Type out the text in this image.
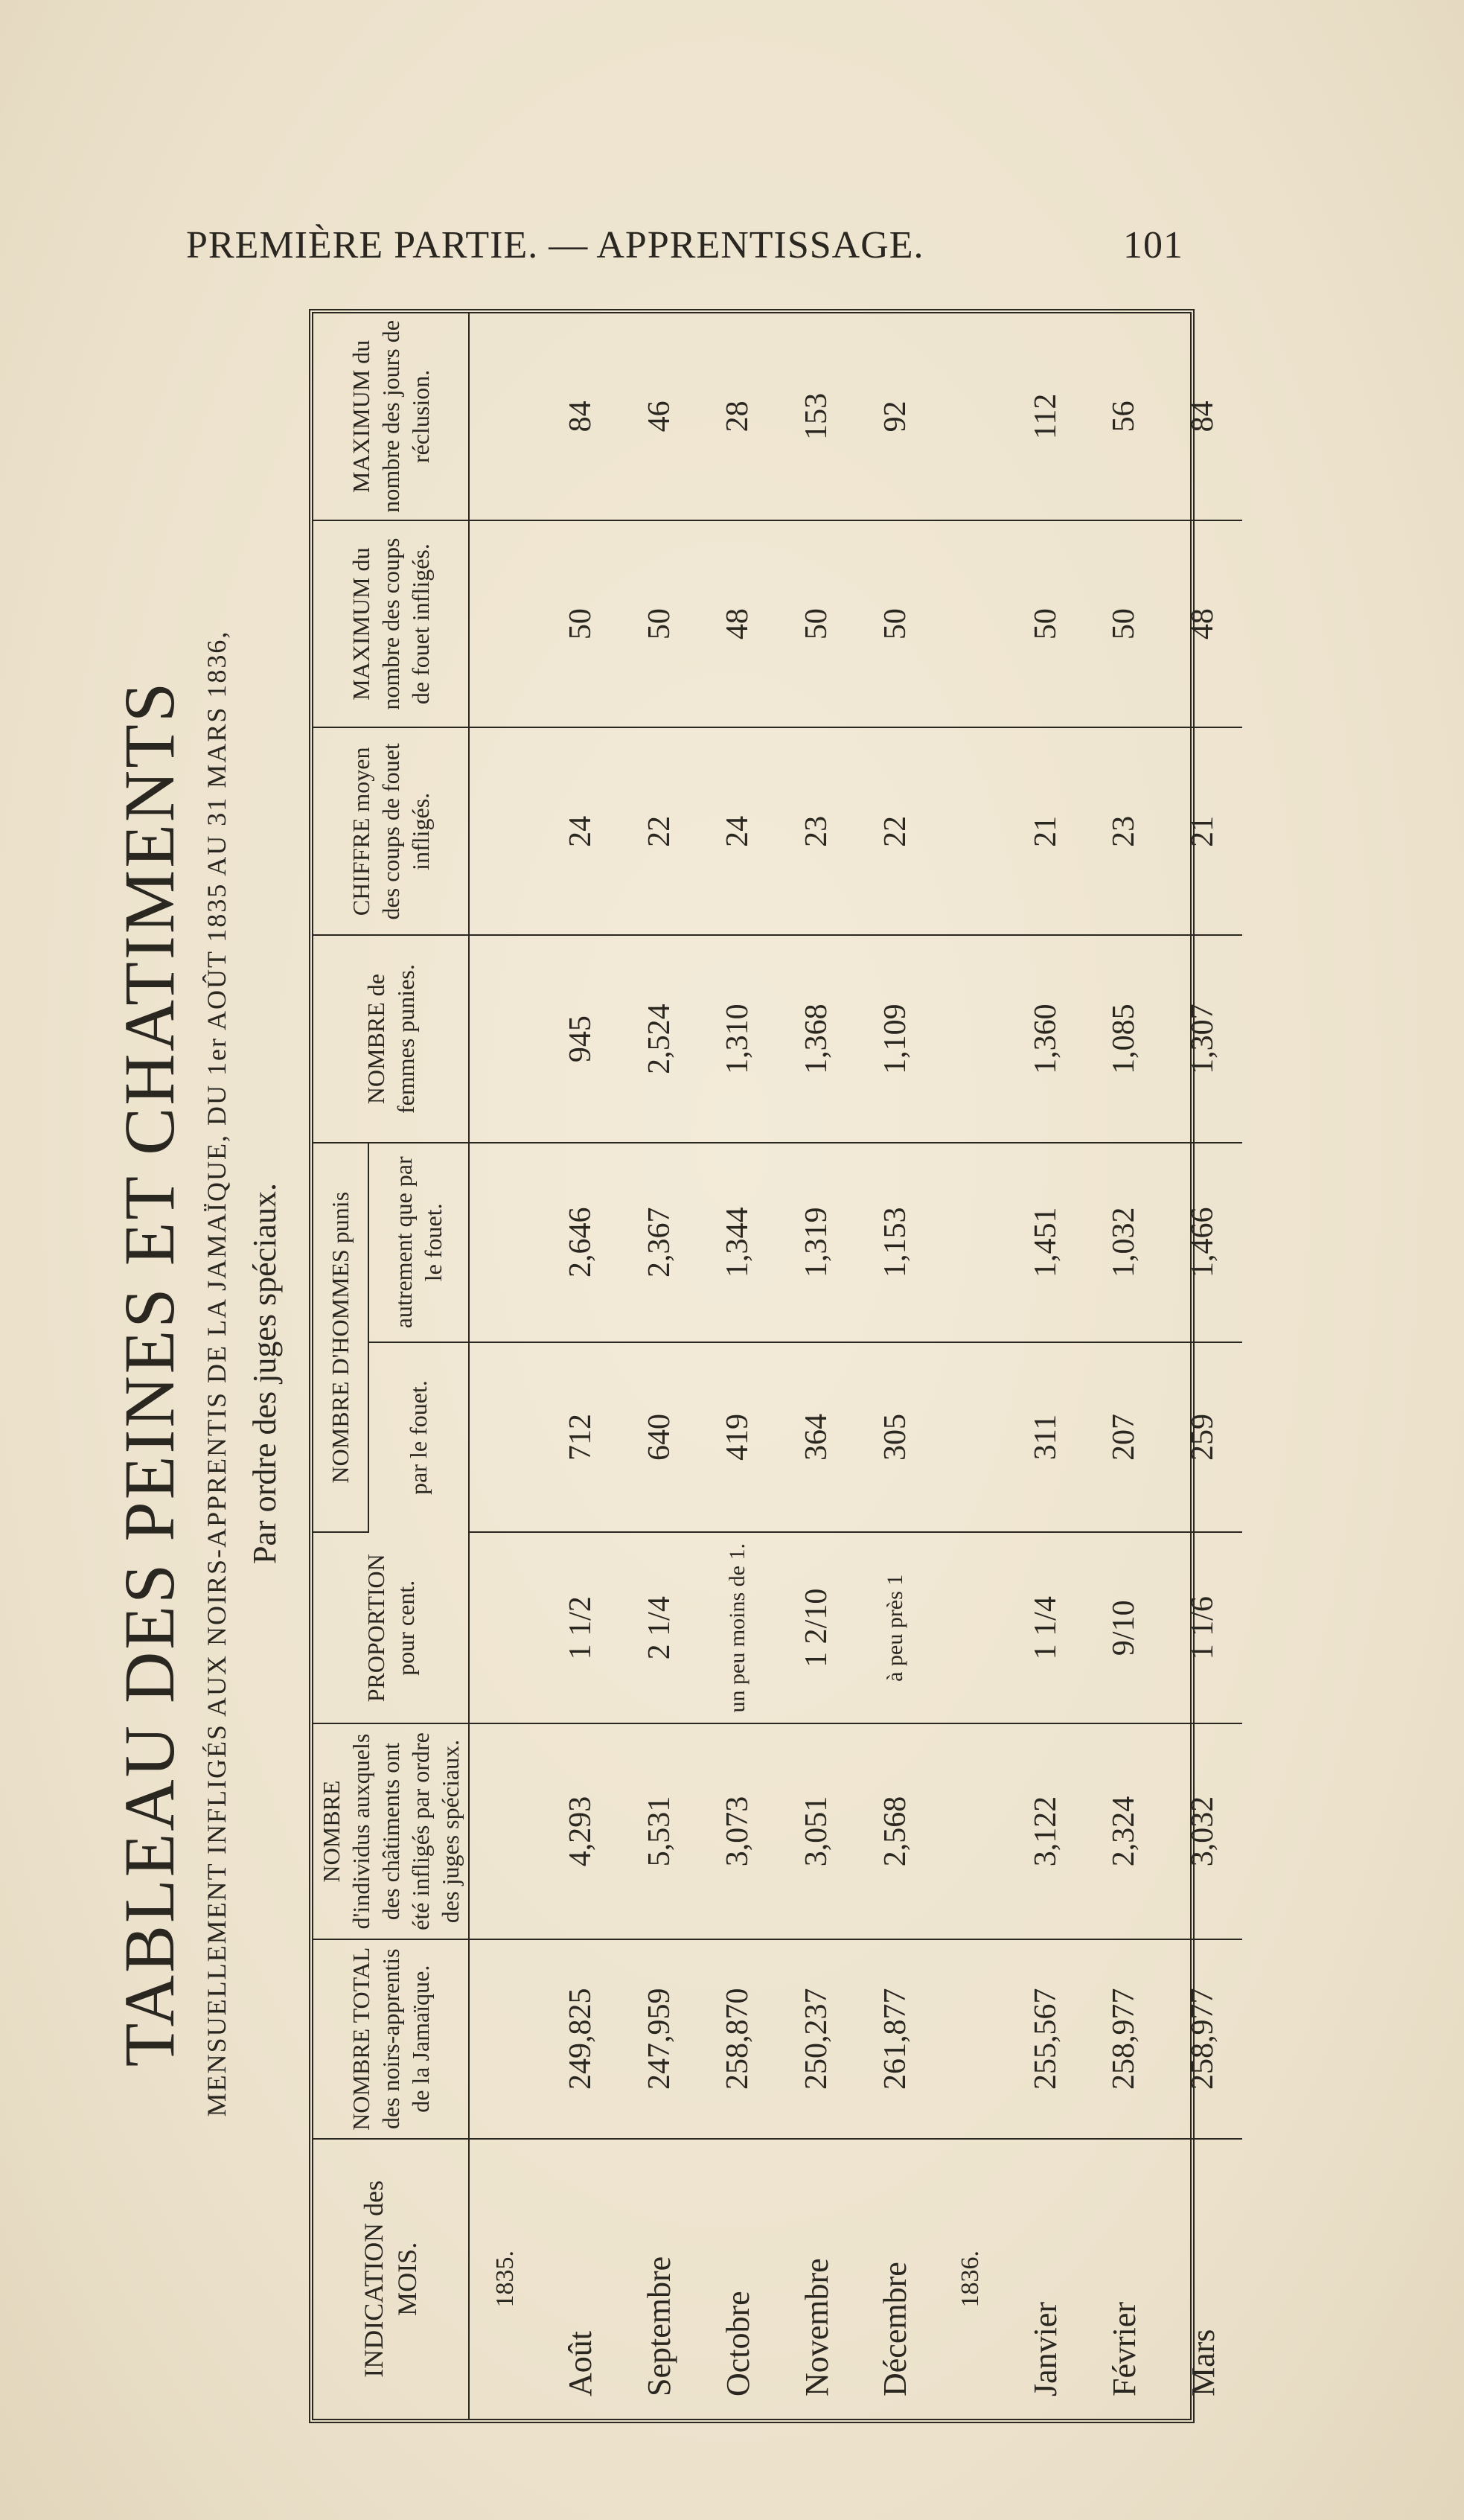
PREMIÈRE PARTIE. — APPRENTISSAGE.	101
TABLEAU DES PEINES ET CHATIMENTS MENSUELLEMENT INFLIGÉS AUX NOIRS-APPRENTIS DE LA JAMAÏQUE, DU 1er AOÛT 1835 AU 31 MARS 1836, Par ordre des juges spéciaux.
INDICATION des MOIS.	NOMBRE TOTAL des noirs-apprentis de la Jamaïque.	NOMBRE d'individus auxquels des châtiments ont été infligés par ordre des juges spéciaux.	PROPORTION pour cent.	NOMBRE D'HOMMES punis		NOMBRE de femmes punies.	CHIFFRE moyen des coups de fouet infligés.	MAXIMUM du nombre des coups de fouet infligés.	MAXIMUM du nombre des jours de réclusion.
				par le fouet.	autrement que par le fouet.				
1835.									
Août	249,825	4,293	1 1/2	712	2,646	945	24	50	84
Septembre	247,959	5,531	2 1/4	640	2,367	2,524	22	50	46
Octobre	258,870	3,073	un peu moins de 1.	419	1,344	1,310	24	48	28
Novembre	250,237	3,051	1 2/10	364	1,319	1,368	23	50	153
Décembre	261,877	2,568	à peu près 1	305	1,153	1,109	22	50	92
1836.									
Janvier	255,567	3,122	1 1/4	311	1,451	1,360	21	50	112
Février	258,977	2,324	9/10	207	1,032	1,085	23	50	56
Mars	258,977	3,032	1 1/6	259	1,466	1,307	21	48	84
